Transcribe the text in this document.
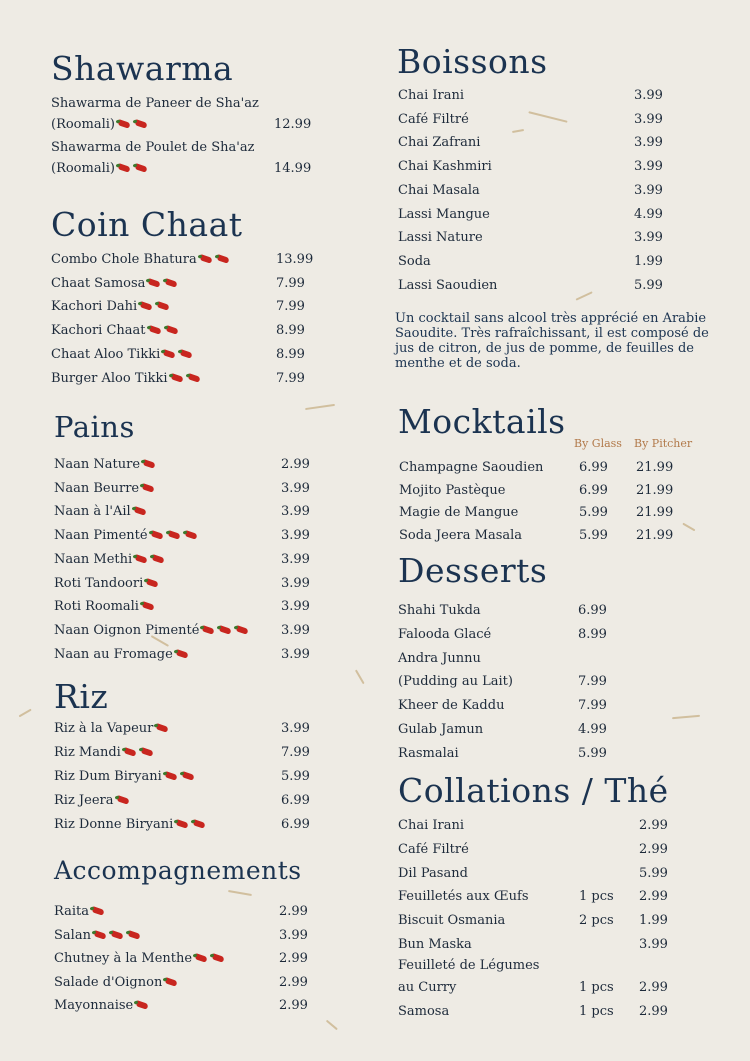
Shawarma
Shawarma de Paneer de Sha'az
(Roomali)	12.99
Shawarma de Poulet de Sha'az
(Roomali)	14.99
Coin Chaat
Combo Chole Bhatura	13.99
Chaat Samosa	7.99
Kachori Dahi	7.99
Kachori Chaat	8.99
Chaat Aloo Tikki	8.99
Burger Aloo Tikki	7.99
Pains
Naan Nature	2.99
Naan Beurre	3.99
Naan à l'Ail	3.99
Naan Pimenté	3.99
Naan Methi	3.99
Roti Tandoori	3.99
Roti Roomali	3.99
Naan Oignon Pimenté	3.99
Naan au Fromage	3.99
Riz
Riz à la Vapeur	3.99
Riz Mandi	7.99
Riz Dum Biryani	5.99
Riz Jeera	6.99
Riz Donne Biryani	6.99
Accompagnements
Raita	2.99
Salan	3.99
Chutney à la Menthe	2.99
Salade d'Oignon	2.99
Mayonnaise	2.99
Boissons
Chai Irani	3.99
Café Filtré	3.99
Chai Zafrani	3.99
Chai Kashmiri	3.99
Chai Masala	3.99
Lassi Mangue	4.99
Lassi Nature	3.99
Soda	1.99
Lassi Saoudien	5.99
Un cocktail sans alcool très apprécié en Arabie Saoudite. Très rafraîchissant, il est composé de jus de citron, de jus de pomme, de feuilles de menthe et de soda.
Mocktails
By Glass By Pitcher
Champagne Saoudien	6.99 21.99
Mojito Pastèque	6.99 21.99
Magie de Mangue	5.99 21.99
Soda Jeera Masala	5.99 21.99
Desserts
Shahi Tukda	6.99
Falooda Glacé	8.99
Andra Junnu
(Pudding au Lait)	7.99
Kheer de Kaddu	7.99
Gulab Jamun	4.99
Rasmalai	5.99
Collations / Thé
Chai Irani	2.99
Café Filtré	2.99
Dil Pasand	5.99
Feuilletés aux Œufs	1 pcs 2.99
Biscuit Osmania	2 pcs 1.99
Bun Maska	3.99
Feuilleté de Légumes
au Curry	1 pcs 2.99
Samosa	1 pcs 2.99
